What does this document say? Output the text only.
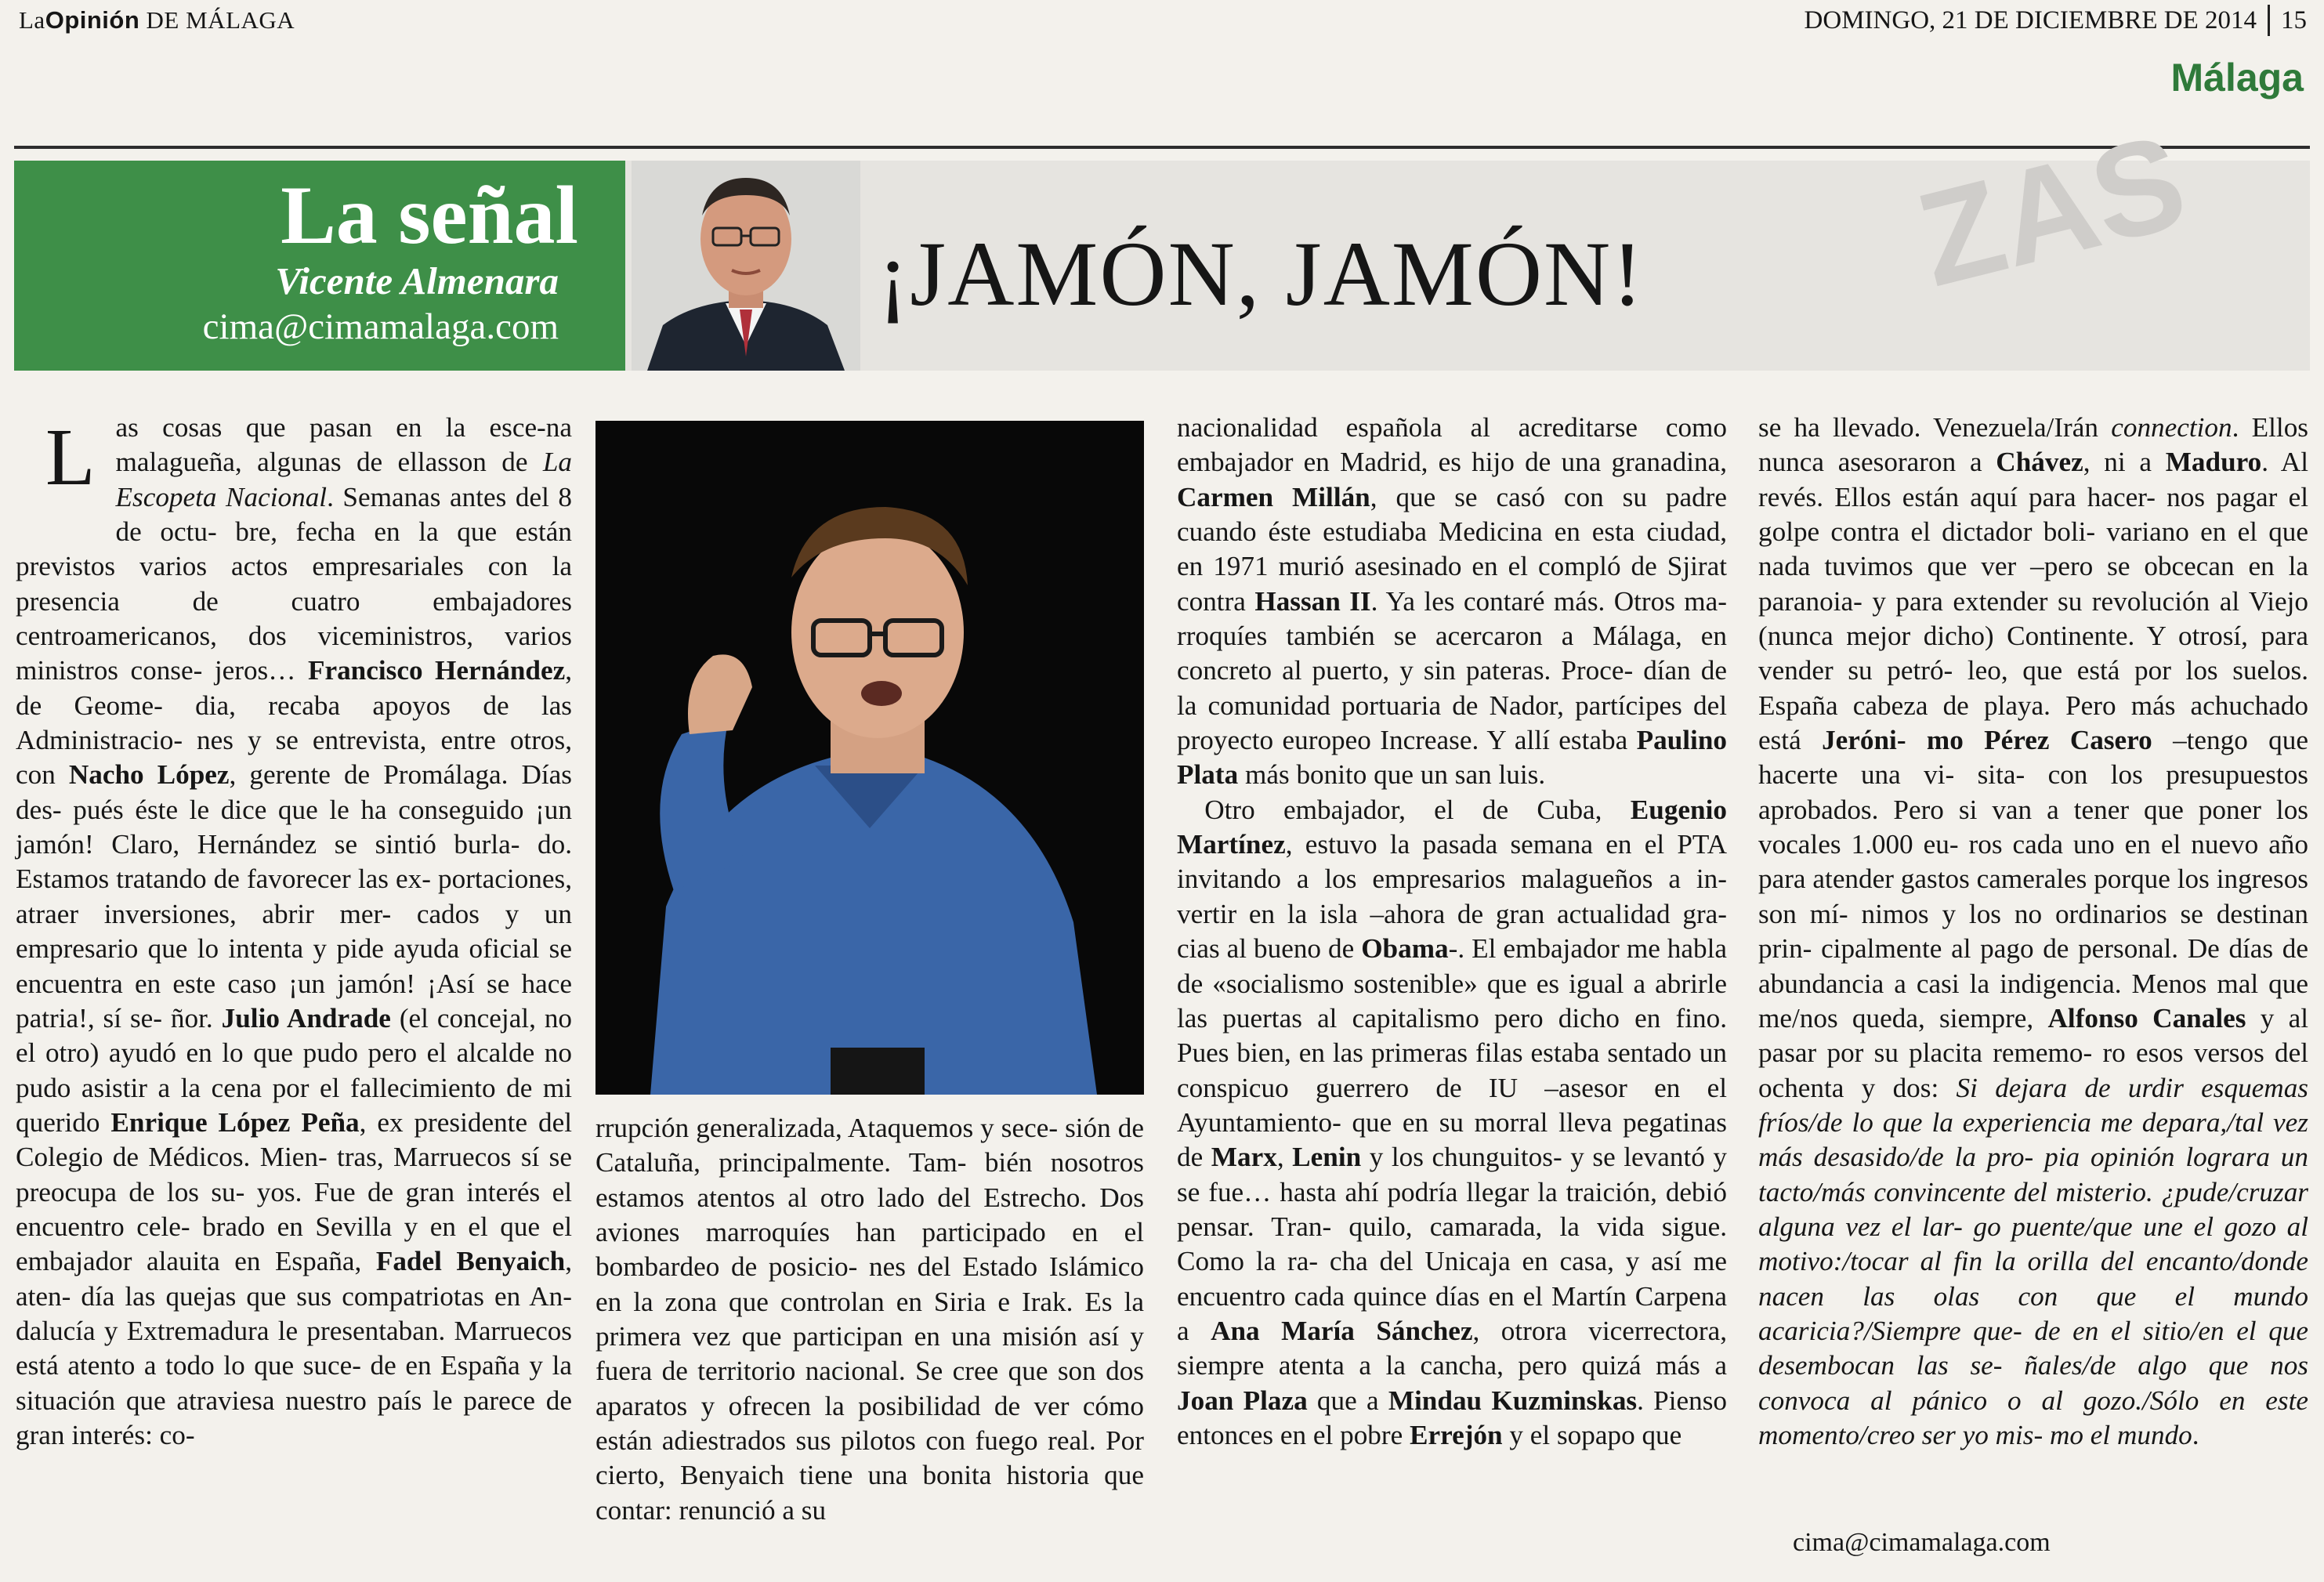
LaOpinión DE MÁLAGA	DOMINGO, 21 DE DICIEMBRE DE 2014 15
Málaga
ZAS
La señal
Vicente Almenara
cima@cimamalaga.com
¡JAMÓN, JAMÓN!
L as cosas que pasan en la esce-na malagueña, algunas de ellasson de La Escopeta Nacional. Semanas antes del 8 de octu- bre, fecha en la que están previstos varios actos empresariales con la presencia de cuatro embajadores centroamericanos, dos viceministros, varios ministros conse- jeros… Francisco Hernández, de Geome- dia, recaba apoyos de las Administracio- nes y se entrevista, entre otros, con Nacho López, gerente de Promálaga. Días des- pués éste le dice que le ha conseguido ¡un jamón! Claro, Hernández se sintió burla- do. Estamos tratando de favorecer las ex- portaciones, atraer inversiones, abrir mer- cados y un empresario que lo intenta y pide ayuda oficial se encuentra en este caso ¡un jamón! ¡Así se hace patria!, sí se- ñor. Julio Andrade (el concejal, no el otro) ayudó en lo que pudo pero el alcalde no pudo asistir a la cena por el fallecimiento de mi querido Enrique López Peña, ex presidente del Colegio de Médicos. Mien- tras, Marruecos sí se preocupa de los su- yos. Fue de gran interés el encuentro cele- brado en Sevilla y en el que el embajador alauita en España, Fadel Benyaich, aten- día las quejas que sus compatriotas en An- dalucía y Extremadura le presentaban. Marruecos está atento a todo lo que suce- de en España y la situación que atraviesa nuestro país le parece de gran interés: co-

rrupción generalizada, Ataquemos y sece- sión de Cataluña, principalmente. Tam- bién nosotros estamos atentos al otro lado del Estrecho. Dos aviones marroquíes han participado en el bombardeo de posicio- nes del Estado Islámico en la zona que controlan en Siria e Irak. Es la primera vez que participan en una misión así y fuera de territorio nacional. Se cree que son dos aparatos y ofrecen la posibilidad de ver cómo están adiestrados sus pilotos con fuego real. Por cierto, Benyaich tiene una bonita historia que contar: renunció a su

nacionalidad española al acreditarse como embajador en Madrid, es hijo de una granadina, Carmen Millán, que se casó con su padre cuando éste estudiaba Medicina en esta ciudad, en 1971 murió asesinado en el compló de Sjirat contra Hassan II. Ya les contaré más. Otros ma- rroquíes también se acercaron a Málaga, en concreto al puerto, y sin pateras. Proce- dían de la comunidad portuaria de Nador, partícipes del proyecto europeo Increase. Y allí estaba Paulino Plata más bonito que un san luis.
 Otro embajador, el de Cuba, Eugenio Martínez, estuvo la pasada semana en el PTA invitando a los empresarios malagueños a in- vertir en la isla –ahora de gran actualidad gra- cias al bueno de Obama-. El embajador me habla de «socialismo sostenible» que es igual a abrirle las puertas al capitalismo pero dicho en fino. Pues bien, en las primeras filas estaba sentado un conspicuo guerrero de IU –asesor en el Ayuntamiento- que en su morral lleva pegatinas de Marx, Lenin y los chunguitos- y se levantó y se fue… hasta ahí podría llegar la traición, debió pensar. Tran- quilo, camarada, la vida sigue. Como la ra- cha del Unicaja en casa, y así me encuentro cada quince días en el Martín Carpena a Ana María Sánchez, otrora vicerrectora, siempre atenta a la cancha, pero quizá más a Joan Plaza que a Mindau Kuzminskas. Pienso entonces en el pobre Errejón y el sopapo que

se ha llevado. Venezuela/Irán connection. Ellos nunca asesoraron a Chávez, ni a Maduro. Al revés. Ellos están aquí para hacer- nos pagar el golpe contra el dictador boli- variano en el que nada tuvimos que ver –pero se obcecan en la paranoia- y para extender su revolución al Viejo (nunca mejor dicho) Continente. Y otrosí, para vender su petró- leo, que está por los suelos. España cabeza de playa. Pero más achuchado está Jeróni- mo Pérez Casero –tengo que hacerte una vi- sita- con los presupuestos aprobados. Pero si van a tener que poner los vocales 1.000 eu- ros cada uno en el nuevo año para atender gastos camerales porque los ingresos son mí- nimos y los no ordinarios se destinan prin- cipalmente al pago de personal. De días de abundancia a casi la indigencia. Menos mal que me/nos queda, siempre, Alfonso Canales y al pasar por su placita rememo- ro esos versos del ochenta y dos: Si dejara de urdir esquemas fríos/de lo que la experiencia me depara,/tal vez más desasido/de la pro- pia opinión lograra un tacto/más convincente del misterio. ¿pude/cruzar alguna vez el lar- go puente/que une el gozo al motivo:/tocar al fin la orilla del encanto/donde nacen las olas con que el mundo acaricia?/Siempre que- de en el sitio/en el que desembocan las se- ñales/de algo que nos convoca al pánico o al gozo./Sólo en este momento/creo ser yo mis- mo el mundo.

cima@cimamalaga.com
